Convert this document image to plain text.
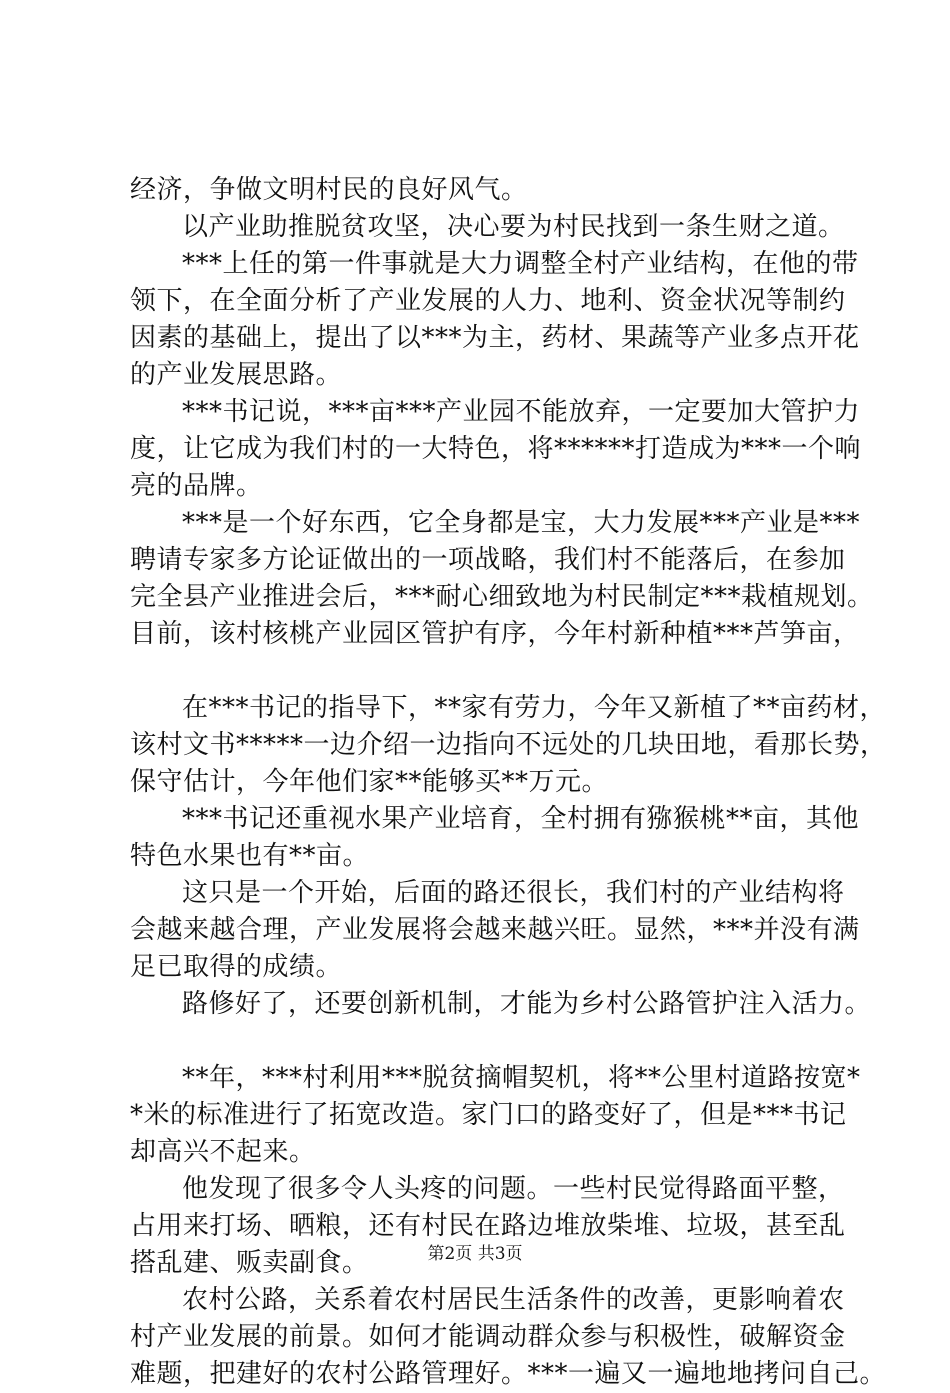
经济，争做文明村民的良好风气。
以产业助推脱贫攻坚，决心要为村民找到一条生财之道。
***上任的第一件事就是大力调整全村产业结构，在他的带
领下，在全面分析了产业发展的人力、地利、资金状况等制约
因素的基础上，提出了以***为主，药材、果蔬等产业多点开花
的产业发展思路。
***书记说，***亩***产业园不能放弃，一定要加大管护力
度，让它成为我们村的一大特色，将******打造成为***一个响
亮的品牌。
***是一个好东西，它全身都是宝，大力发展***产业是***
聘请专家多方论证做出的一项战略，我们村不能落后，在参加
完全县产业推进会后，***耐心细致地为村民制定***栽植规划。
目前，该村核桃产业园区管护有序，今年村新种植***芦笋亩，
在***书记的指导下，**家有劳力，今年又新植了**亩药材，
该村文书*****一边介绍一边指向不远处的几块田地，看那长势，
保守估计，今年他们家**能够买**万元。
***书记还重视水果产业培育，全村拥有猕猴桃**亩，其他
特色水果也有**亩。
这只是一个开始，后面的路还很长，我们村的产业结构将
会越来越合理，产业发展将会越来越兴旺。显然，***并没有满
足已取得的成绩。
路修好了，还要创新机制，才能为乡村公路管护注入活力。
**年，***村利用***脱贫摘帽契机，将**公里村道路按宽*
*米的标准进行了拓宽改造。家门口的路变好了，但是***书记
却高兴不起来。
他发现了很多令人头疼的问题。一些村民觉得路面平整，
占用来打场、晒粮，还有村民在路边堆放柴堆、垃圾，甚至乱
搭乱建、贩卖副食。
农村公路，关系着农村居民生活条件的改善，更影响着农
村产业发展的前景。如何才能调动群众参与积极性，破解资金
难题，把建好的农村公路管理好。***一遍又一遍地地拷问自己。
第2页 共3页
